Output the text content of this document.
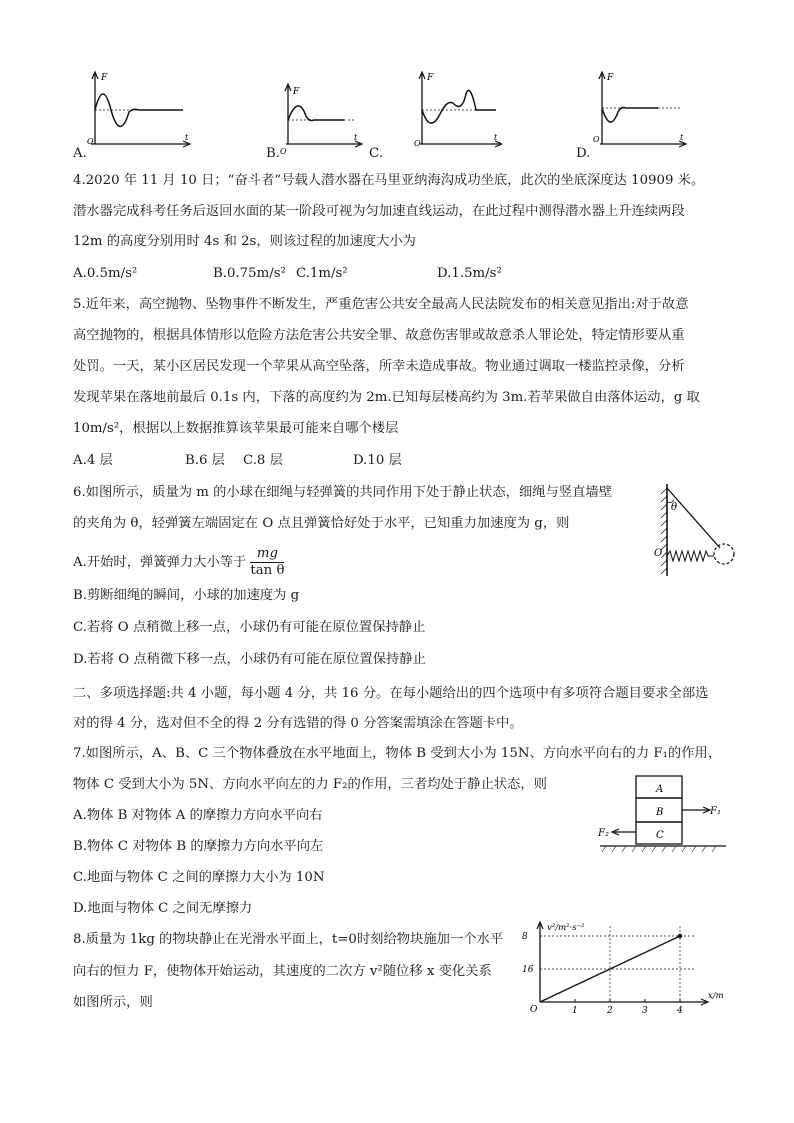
F
O	t
A.
F
O
t
B.	C.
F
O
t
D.
F
O	t
4.2020 年 11 月 10 日；“奋斗者”号载人潜水器在马里亚纳海沟成功坐底，此次的坐底深度达 10909 米。
潜水器完成科考任务后返回水面的某一阶段可视为匀加速直线运动，在此过程中测得潜水器上升连续两段
12m 的高度分别用时 4s 和 2s，则该过程的加速度大小为
A.0.5m/s²	B.0.75m/s² C.1m/s²	D.1.5m/s²
5.近年来，高空抛物、坠物事件不断发生，严重危害公共安全最高人民法院发布的相关意见指出:对于故意
高空抛物的，根据具体情形以危险方法危害公共安全罪、故意伤害罪或故意杀人罪论处，特定情形要从重
处罚。一天，某小区居民发现一个苹果从高空坠落，所幸未造成事故。物业通过调取一楼监控录像，分析
发现苹果在落地前最后 0.1s 内，下落的高度约为 2m.已知每层楼高约为 3m.若苹果做自由落体运动，g 取
10m/s²，根据以上数据推算该苹果最可能来自哪个楼层
A.4 层	B.6 层 C.8 层	D.10 层
6.如图所示，质量为 m 的小球在细绳与轻弹簧的共同作用下处于静止状态，细绳与竖直墙壁
的夹角为 θ，轻弹簧左端固定在 O 点且弹簧恰好处于水平，已知重力加速度为 g，则
A.开始时，弹簧弹力大小等于 $\frac{mg}{\text{tan θ}}$
B.剪断细绳的瞬间，小球的加速度为 g
C.若将 O 点稍微上移一点，小球仍有可能在原位置保持静止
D.若将 O 点稍微下移一点，小球仍有可能在原位置保持静止
θ
O
二、多项选择题:共 4 小题，每小题 4 分，共 16 分。在每小题给出的四个选项中有多项符合题目要求全部选
对的得 4 分，选对但不全的得 2 分有选错的得 0 分答案需填涂在答题卡中。
7.如图所示，A、B、C 三个物体叠放在水平地面上，物体 B 受到大小为 15N、方向水平向右的力 F₁的作用，
物体 C 受到大小为 5N、方向水平向左的力 F₂的作用，三者均处于静止状态，则
A.物体 B 对物体 A 的摩擦力方向水平向右
B.物体 C 对物体 B 的摩擦力方向水平向左
C.地面与物体 C 之间的摩擦力大小为 10N
D.地面与物体 C 之间无摩擦力
A
B
C
F₁
F₂
8.质量为 1kg 的物块静止在光滑水平面上，t=0时刻给物块施加一个水平
向右的恒力 F，使物体开始运动，其速度的二次方 v²随位移 x 变化关系
如图所示，则
v²/m²·s⁻²
x/m
O
16
8
1	2	3	4
